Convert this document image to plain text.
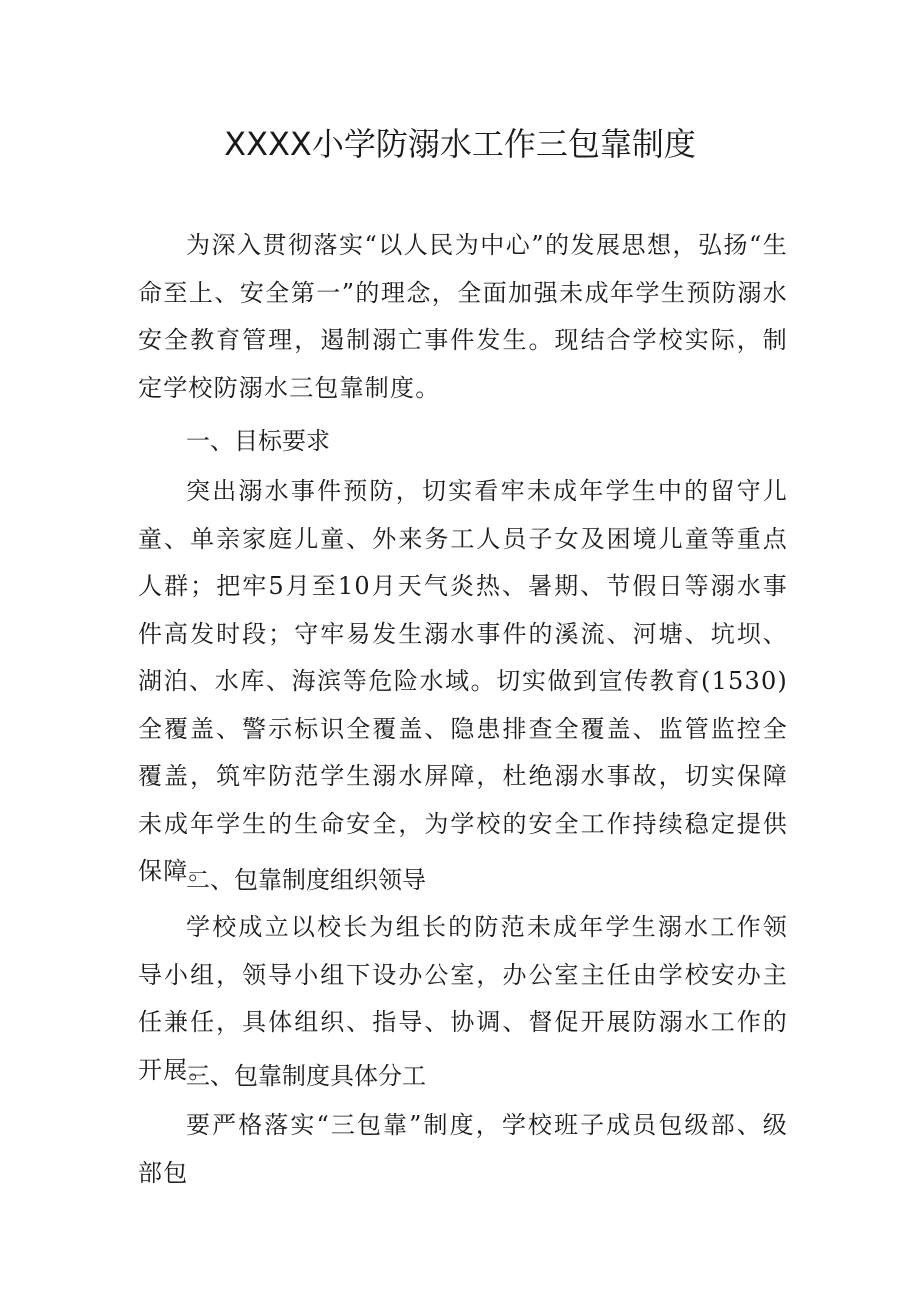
XXXX小学防溺水工作三包靠制度

为深入贯彻落实“以人民为中心”的发展思想，弘扬“生命至上、安全第一”的理念，全面加强未成年学生预防溺水安全教育管理，遏制溺亡事件发生。现结合学校实际，制定学校防溺水三包靠制度。

一、目标要求

突出溺水事件预防，切实看牢未成年学生中的留守儿童、单亲家庭儿童、外来务工人员子女及困境儿童等重点人群；把牢5月至10月天气炎热、暑期、节假日等溺水事件高发时段；守牢易发生溺水事件的溪流、河塘、坑坝、湖泊、水库、海滨等危险水域。切实做到宣传教育(1530)全覆盖、警示标识全覆盖、隐患排查全覆盖、监管监控全覆盖，筑牢防范学生溺水屏障，杜绝溺水事故，切实保障未成年学生的生命安全，为学校的安全工作持续稳定提供保障。

二、包靠制度组织领导

学校成立以校长为组长的防范未成年学生溺水工作领导小组，领导小组下设办公室，办公室主任由学校安办主任兼任，具体组织、指导、协调、督促开展防溺水工作的开展。

三、包靠制度具体分工

要严格落实“三包靠”制度，学校班子成员包级部、级部包
